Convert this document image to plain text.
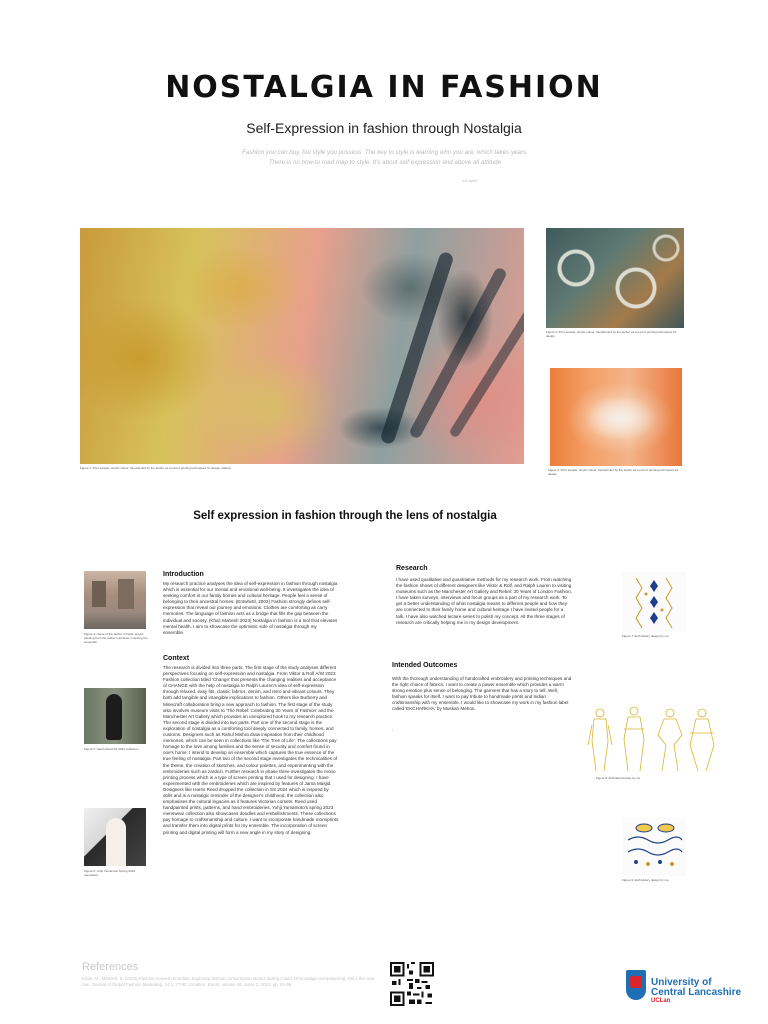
NOSTALGIA IN FASHION
Self-Expression in fashion through Nostalgia
Fashion you can buy, but style you possess. The key to style is learning who you are, which takes years. There is no how-to road map to style. It's about self expression and above all attitude
Iris Apfel
Figure 1: Print sample, acrylic colour, handprinted by the author as a part of printing techniques for design making
Figure 2: Print sample, acrylic colour, handprinted by the author as a part of printing techniques for design
Figure 3: Print sample, acrylic colour, handprinted by the author as a part of printing techniques for design
Self expression in fashion through the lens of nostalgia
Figure 4: Home of the author in Delhi, acrylic painting from the author's archives, inspiring the ensemble
Figure 5: Harris Reed SS 2024 collection
Figure 6: Yohji Yamamoto Spring 2023 menswear
Introduction
My research practice analyses the idea of self-expression in fashion through nostalgia which is essential for our mental and emotional well-being. It investigates the idea of seeking comfort in our family homes and cultural heritage. People feel a sense of belonging to their ancestral homes. (Entwhistl, 2002) Fashion strongly defines self-expression that reveal our journey and emotions. Clothes are comforting as carry memories. The language of fashion acts as a bridge that fills the gap between the individual and society. (Khal; Mahesh 2023) Nostalgia in fashion is a tool that elevates mental health. I aim to showcase the optimistic side of nostalgia through my ensemble.
Context
The research is divided into three parts. The first stage of the study analyses different perspectives focusing on self-expression and nostalgia. From Viktor & Rolf A/W 2023 Fashion collection titled 'Change' that presents the changing realities and acceptance of CHANGE with the help of nostalgia to Ralph Lauren's idea of self-expression through relaxed, easy fits, classic fabrics, denim, and retro and vibrant colours. They both add tangible and intangible implications to fashion. Others like Burberry and Minecraft collaboration bring a new approach to fashion. The first stage of the study also involves museum visits to 'The Rebel: Celebrating 30 Years of Fashion' and the Manchester Art Gallery which provides an unexplored hook to my research practice. The second stage is divided into two parts. Part one of the second stage is the exploration of nostalgia as a comforting tool deeply connected to family, homes, and customs. Designers such as Rahul Mishra draw inspiration from their childhood memories, which can be seen in collections like 'The Tree of Life'. The collections pay homage to the love among families and the sense of security and comfort found in one's home. I intend to develop an ensemble which captures the true essence of the true feeling of nostalgia. Part two of the second stage investigates the technicalities of the theme, the creation of sketches, and colour palettes, and experimenting with the embroideries such as zardozi. Further research in phase three investigates the mono printing process which is a type of screen printing that I used for designing. I have experimented with the embroideries which are inspired by features of Jama Masjid. Designers like Harris Reed dropped the collection in SS 2024 which is inspired by dolls and is a nostalgic reminder of the designer's childhood, the collection also emphasises the cultural legacies as it features Victorian corsets. Reed used handpainted prints, patterns, and hand embroideries. Yohji Yamamoto's spring 2023 menswear collection also showcases doodles and embellishments. These collections pay homage to craftsmanship and culture. I want to incorporate handmade monoprints and transfer them into digital prints for my ensemble. The incorporation of screen printing and digital printing will form a new angle in my story of designing.
Research
I have used qualitative and quantitative methods for my research work. From watching the fashion shows of different designers like Viktor & Rolf, and Ralph Lauren to visiting museums such as the Manchester Art Gallery and Rebel: 30 Years of London Fashion. I have taken surveys, interviews and focus groups as a part of my research work. To get a better understanding of what nostalgia means to different people and how they are connected to their family home and cultural heritage I have invited people for a talk. I have also watched lecture series to polish my concept. All the three stages of research are critically helping me in my design development.
Intended Outcomes
With the thorough understanding of handcrafted embroidery and printing techniques and the right choice of fabrics, I want to create a power ensemble which provides a warm strong emotion plus sense of belonging. The garment that has a story to tell. Well, fashion speaks for itself. I want to pay tribute to handmade prints and Indian craftsmanship with my ensemble. I would like to showcase my work in my fashion label called 'EKCHARKHA' by Muskan Mehon.
.
Figure 7: Embroidery design by me
Figure 8: Illustrated design by me
Figure 9: Embroidery design by me
References
Khan, N., Mahesh, S. (2023) Fashion-revived remedies: Exploring fashion consumption stories during Covid-19 Nostalgia overpowering. Did it the new rise. Journal of Global Fashion Marketing, 14:1, 77-90. Emotion: Roots, volume 26, issue 2, 2023, pp. 51-68	University of
Central Lancashire
UCLan
